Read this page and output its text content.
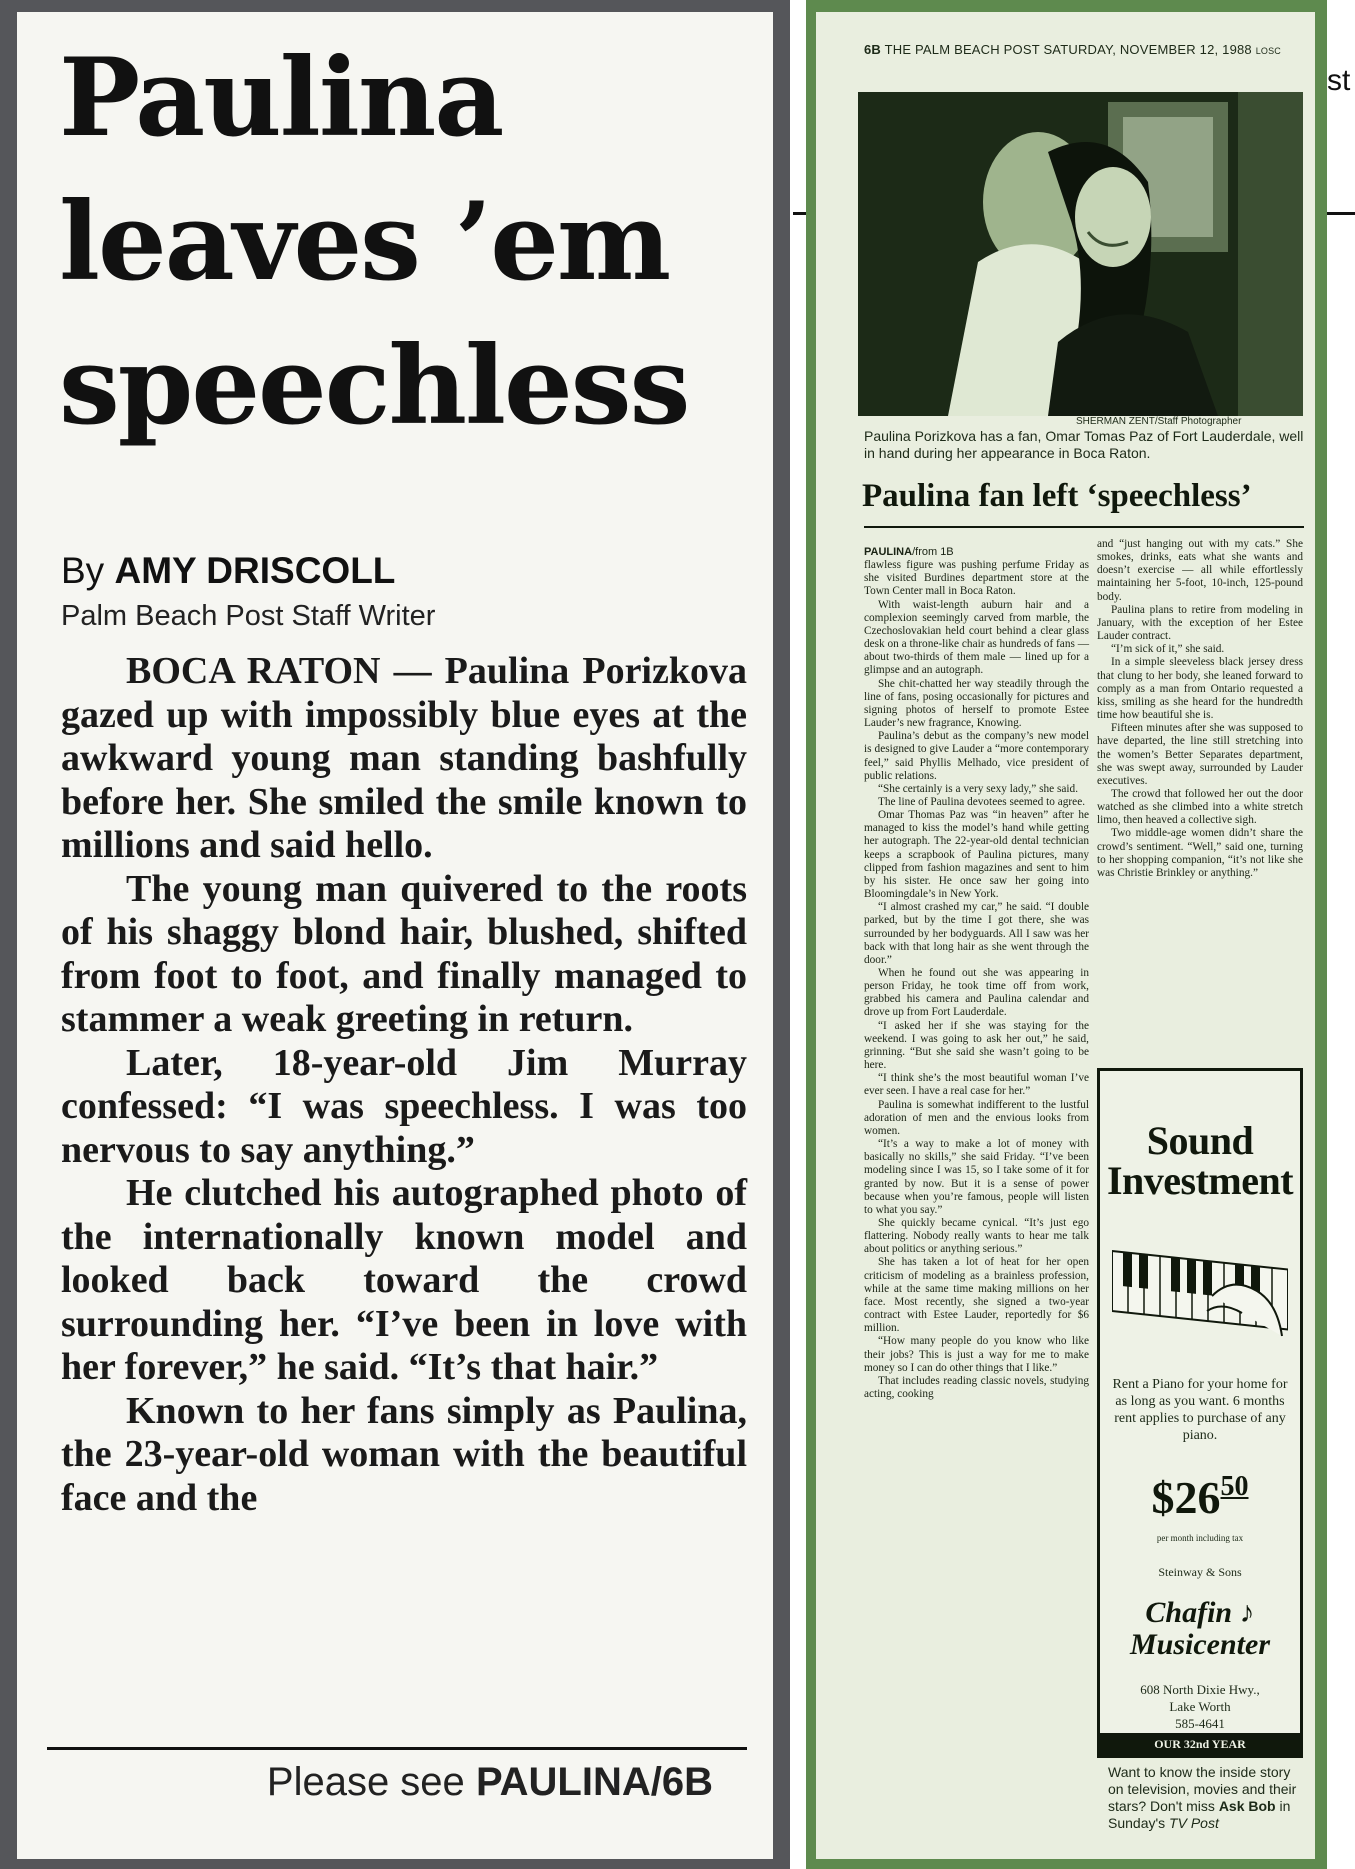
Paulina
leaves ’em
speechless
By AMY DRISCOLL
Palm Beach Post Staff Writer

BOCA RATON — Paulina Porizkova gazed up with impossibly blue eyes at the awkward young man standing bashfully before her. She smiled the smile known to millions and said hello.

The young man quivered to the roots of his shaggy blond hair, blushed, shifted from foot to foot, and finally managed to stammer a weak greeting in return.

Later, 18-year-old Jim Murray confessed: “I was speechless. I was too nervous to say anything.”

He clutched his autographed photo of the internationally known model and looked back toward the crowd surrounding her. “I’ve been in love with her forever,” he said. “It’s that hair.”

Known to her fans simply as Paulina, the 23-year-old woman with the beautiful face and the

Please see PAULINA/6B
6B THE PALM BEACH POST SATURDAY, NOVEMBER 12, 1988 LOSC
SHERMAN ZENT/Staff Photographer
Paulina Porizkova has a fan, Omar Tomas Paz of Fort Lauderdale, well in hand during her appearance in Boca Raton.
Paulina fan left ‘speechless’

PAULINA/from 1B

flawless figure was pushing perfume Friday as she visited Burdines department store at the Town Center mall in Boca Raton.

With waist-length auburn hair and a complexion seemingly carved from marble, the Czechoslovakian held court behind a clear glass desk on a throne-like chair as hundreds of fans — about two-thirds of them male — lined up for a glimpse and an autograph.

She chit-chatted her way steadily through the line of fans, posing occasionally for pictures and signing photos of herself to promote Estee Lauder’s new fragrance, Knowing.

Paulina’s debut as the company’s new model is designed to give Lauder a “more contemporary feel,” said Phyllis Melhado, vice president of public relations.

“She certainly is a very sexy lady,” she said.

The line of Paulina devotees seemed to agree.

Omar Thomas Paz was “in heaven” after he managed to kiss the model’s hand while getting her autograph. The 22-year-old dental technician keeps a scrapbook of Paulina pictures, many clipped from fashion magazines and sent to him by his sister. He once saw her going into Bloomingdale’s in New York.

“I almost crashed my car,” he said. “I double parked, but by the time I got there, she was surrounded by her bodyguards. All I saw was her back with that long hair as she went through the door.”

When he found out she was appearing in person Friday, he took time off from work, grabbed his camera and Paulina calendar and drove up from Fort Lauderdale.

“I asked her if she was staying for the weekend. I was going to ask her out,” he said, grinning. “But she said she wasn’t going to be here.

“I think she’s the most beautiful woman I’ve ever seen. I have a real case for her.”

Paulina is somewhat indifferent to the lustful adoration of men and the envious looks from women.

“It’s a way to make a lot of money with basically no skills,” she said Friday. “I’ve been modeling since I was 15, so I take some of it for granted by now. But it is a sense of power because when you’re famous, people will listen to what you say.”

She quickly became cynical. “It’s just ego flattering. Nobody really wants to hear me talk about politics or anything serious.”

She has taken a lot of heat for her open criticism of modeling as a brainless profession, while at the same time making millions on her face. Most recently, she signed a two-year contract with Estee Lauder, reportedly for $6 million.

“How many people do you know who like their jobs? This is just a way for me to make money so I can do other things that I like.”

That includes reading classic novels, studying acting, cooking

and “just hanging out with my cats.” She smokes, drinks, eats what she wants and doesn’t exercise — all while effortlessly maintaining her 5-foot, 10-inch, 125-pound body.

Paulina plans to retire from modeling in January, with the exception of her Estee Lauder contract.

“I’m sick of it,” she said.

In a simple sleeveless black jersey dress that clung to her body, she leaned forward to comply as a man from Ontario requested a kiss, smiling as she heard for the hundredth time how beautiful she is.

Fifteen minutes after she was supposed to have departed, the line still stretching into the women’s Better Separates department, she was swept away, surrounded by Lauder executives.

The crowd that followed her out the door watched as she climbed into a white stretch limo, then heaved a collective sigh.

Two middle-age women didn’t share the crowd’s sentiment. “Well,” said one, turning to her shopping companion, “it’s not like she was Christie Brinkley or anything.”

Sound
Investment
Rent a Piano for your home for as long as you want. 6 months rent applies to purchase of any piano.
$\$26^{50}$
per month including tax
Steinway & Sons
Chafin ♪
Musicenter
608 North Dixie Hwy.,
Lake Worth
585-4641
OUR 32nd YEAR
Want to know the inside story on television, movies and their stars? Don't miss Ask Bob in Sunday's TV Post
st
